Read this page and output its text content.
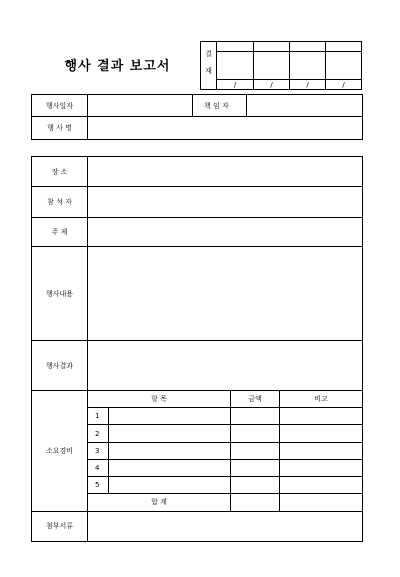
행사 결과 보고서
결				

재				
	/	/	/	/
행사일자		책 임 자	
행 사 명			
장 소				
참 석 자				
주 제				
행사내용				
행사결과				
소요경비	항 목		금액	비고
	1			
	2			
	3			
	4			
	5			
	합 계			
첨부서류				
